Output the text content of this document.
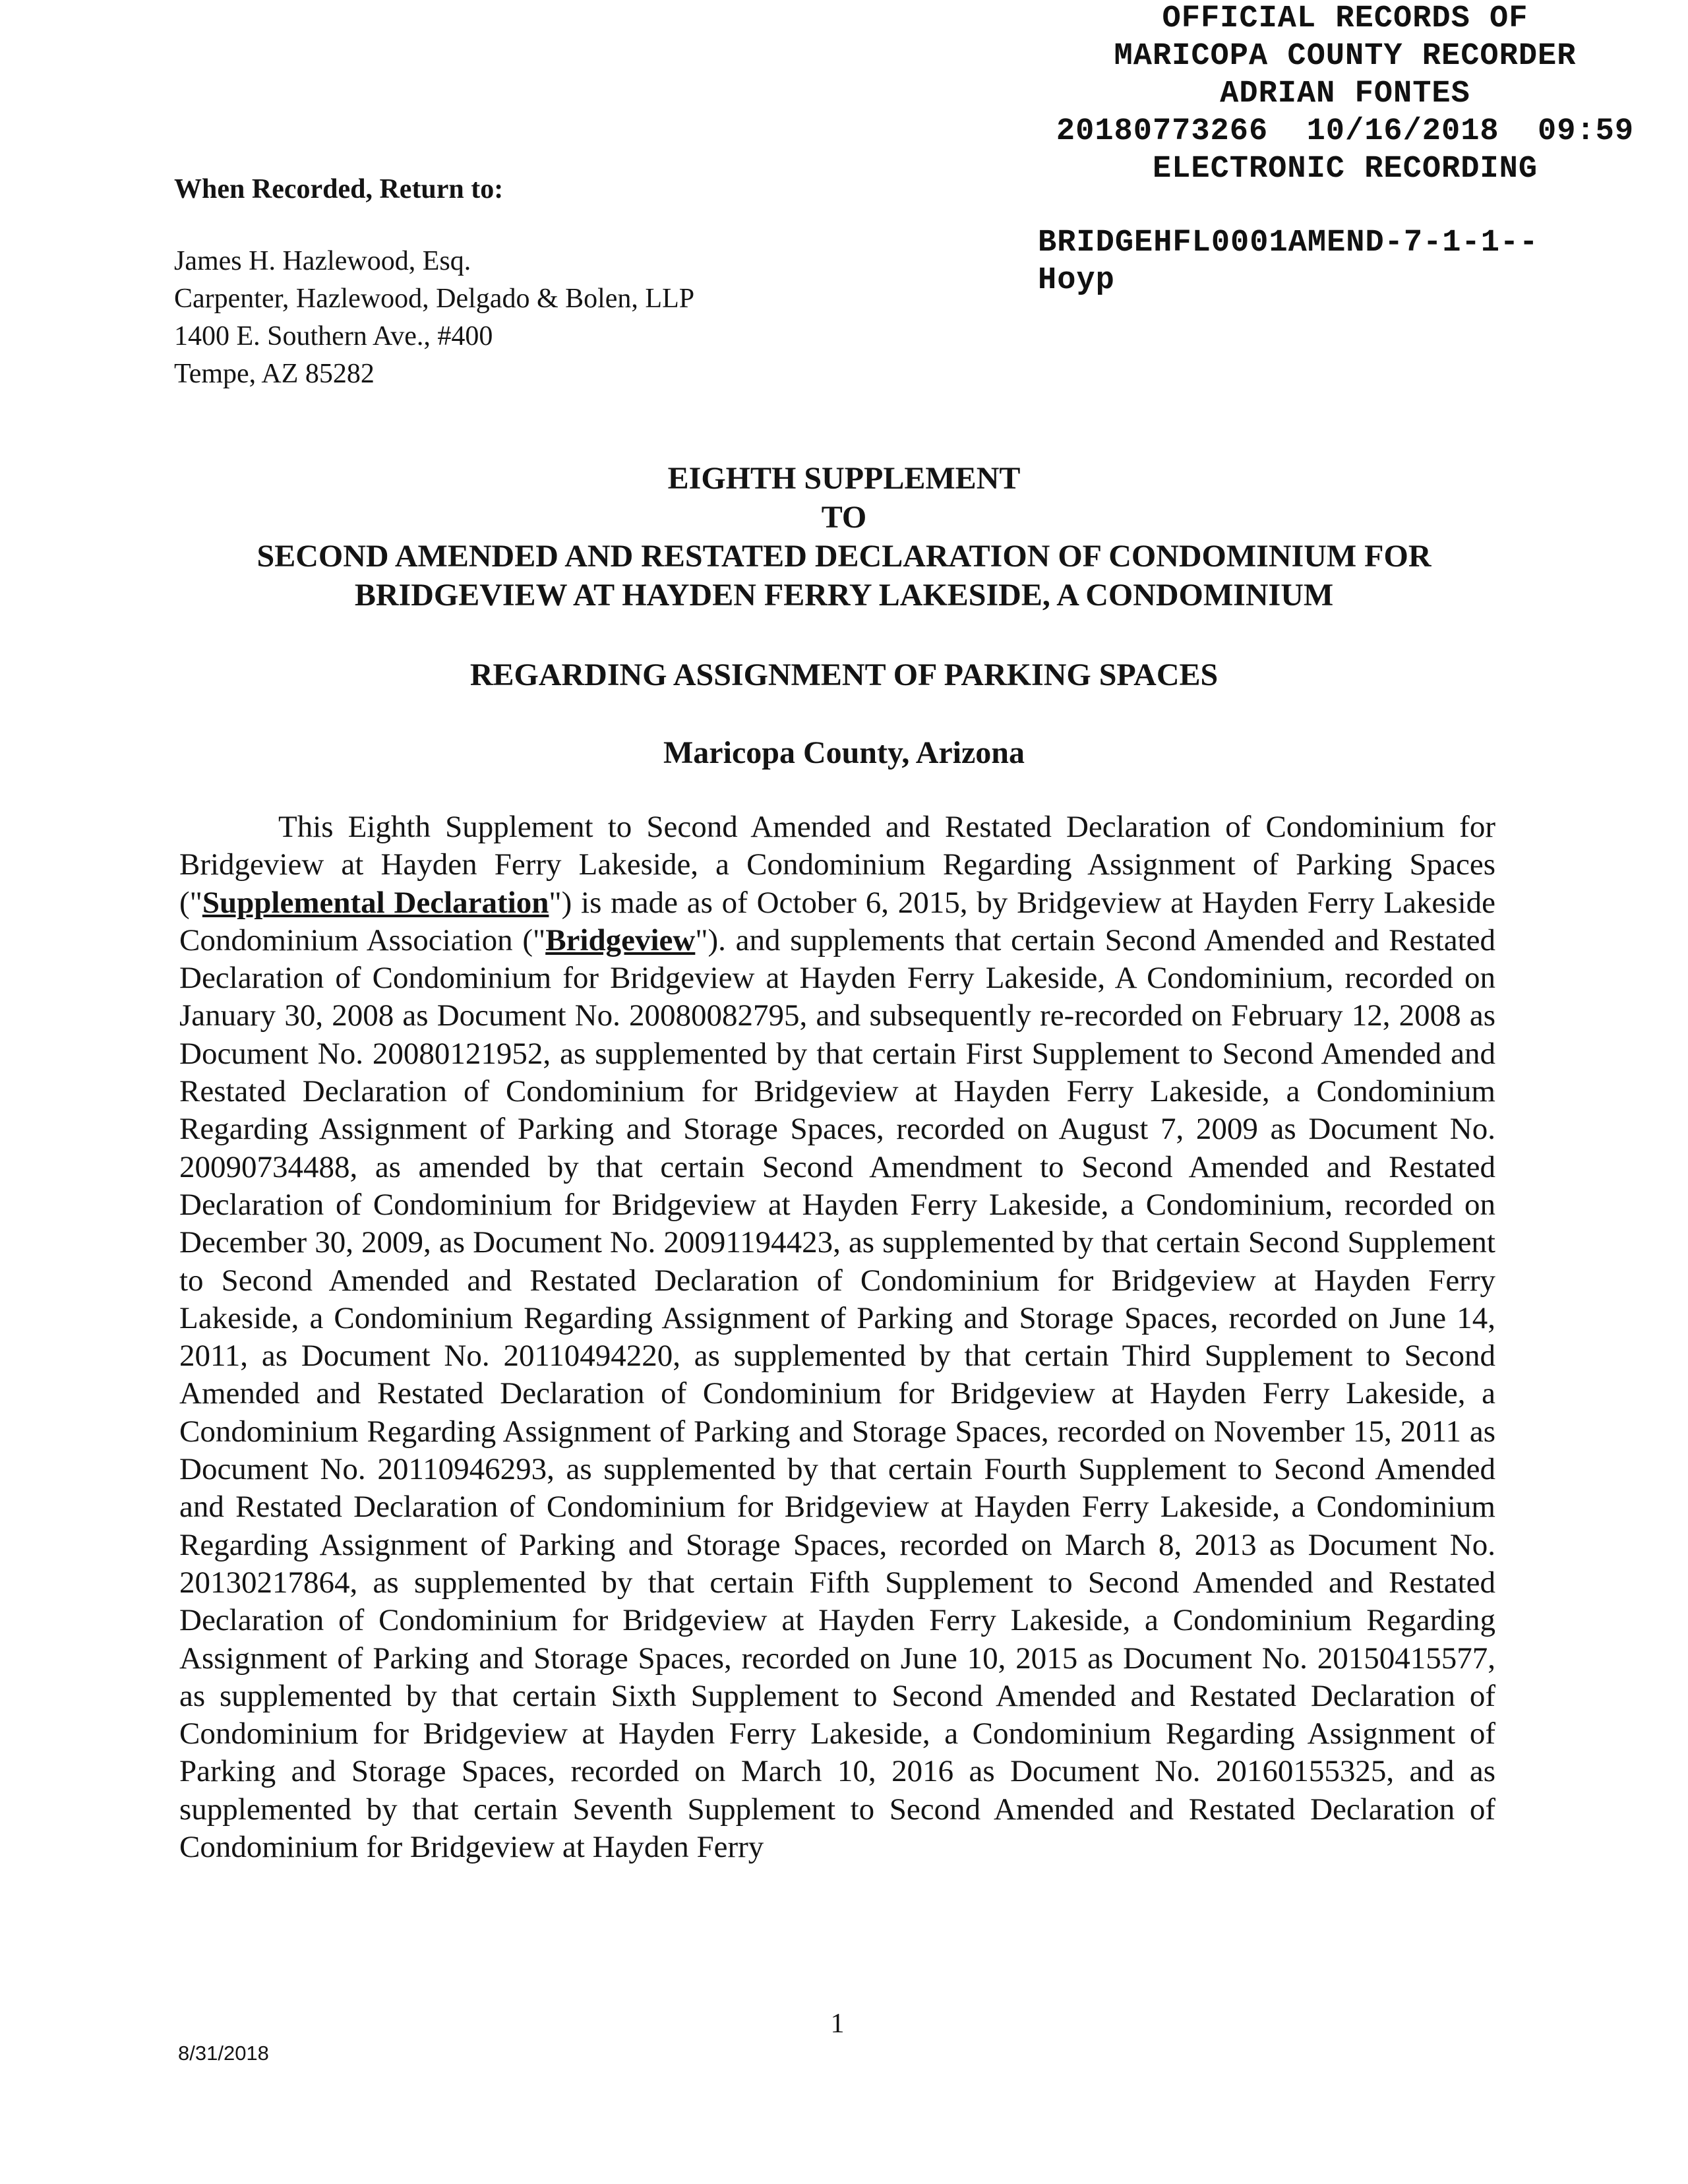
OFFICIAL RECORDS OF
MARICOPA COUNTY RECORDER
ADRIAN FONTES
20180773266  10/16/2018  09:59
ELECTRONIC RECORDING
BRIDGEHFL0001AMEND-7-1-1--
Hoyp
When Recorded, Return to:
James H. Hazlewood, Esq.
Carpenter, Hazlewood, Delgado & Bolen, LLP
1400 E. Southern Ave., #400
Tempe, AZ 85282
EIGHTH SUPPLEMENT
TO
SECOND AMENDED AND RESTATED DECLARATION OF CONDOMINIUM FOR
BRIDGEVIEW AT HAYDEN FERRY LAKESIDE, A CONDOMINIUM
REGARDING ASSIGNMENT OF PARKING SPACES
Maricopa County, Arizona

This Eighth Supplement to Second Amended and Restated Declaration of Condominium for Bridgeview at Hayden Ferry Lakeside, a Condominium Regarding Assignment of Parking Spaces ("Supplemental Declaration") is made as of October 6, 2015, by Bridgeview at Hayden Ferry Lakeside Condominium Association ("Bridgeview"). and supplements that certain Second Amended and Restated Declaration of Condominium for Bridgeview at Hayden Ferry Lakeside, A Condominium, recorded on January 30, 2008 as Document No. 20080082795, and subsequently re-recorded on February 12, 2008 as Document No. 20080121952, as supplemented by that certain First Supplement to Second Amended and Restated Declaration of Condominium for Bridgeview at Hayden Ferry Lakeside, a Condominium Regarding Assignment of Parking and Storage Spaces, recorded on August 7, 2009 as Document No. 20090734488, as amended by that certain Second Amendment to Second Amended and Restated Declaration of Condominium for Bridgeview at Hayden Ferry Lakeside, a Condominium, recorded on December 30, 2009, as Document No. 20091194423, as supplemented by that certain Second Supplement to Second Amended and Restated Declaration of Condominium for Bridgeview at Hayden Ferry Lakeside, a Condominium Regarding Assignment of Parking and Storage Spaces, recorded on June 14, 2011, as Document No. 20110494220, as supplemented by that certain Third Supplement to Second Amended and Restated Declaration of Condominium for Bridgeview at Hayden Ferry Lakeside, a Condominium Regarding Assignment of Parking and Storage Spaces, recorded on November 15, 2011 as Document No. 20110946293, as supplemented by that certain Fourth Supplement to Second Amended and Restated Declaration of Condominium for Bridgeview at Hayden Ferry Lakeside, a Condominium Regarding Assignment of Parking and Storage Spaces, recorded on March 8, 2013 as Document No. 20130217864, as supplemented by that certain Fifth Supplement to Second Amended and Restated Declaration of Condominium for Bridgeview at Hayden Ferry Lakeside, a Condominium Regarding Assignment of Parking and Storage Spaces, recorded on June 10, 2015 as Document No. 20150415577, as supplemented by that certain Sixth Supplement to Second Amended and Restated Declaration of Condominium for Bridgeview at Hayden Ferry Lakeside, a Condominium Regarding Assignment of Parking and Storage Spaces, recorded on March 10, 2016 as Document No. 20160155325, and as supplemented by that certain Seventh Supplement to Second Amended and Restated Declaration of Condominium for Bridgeview at Hayden Ferry

1
8/31/2018
